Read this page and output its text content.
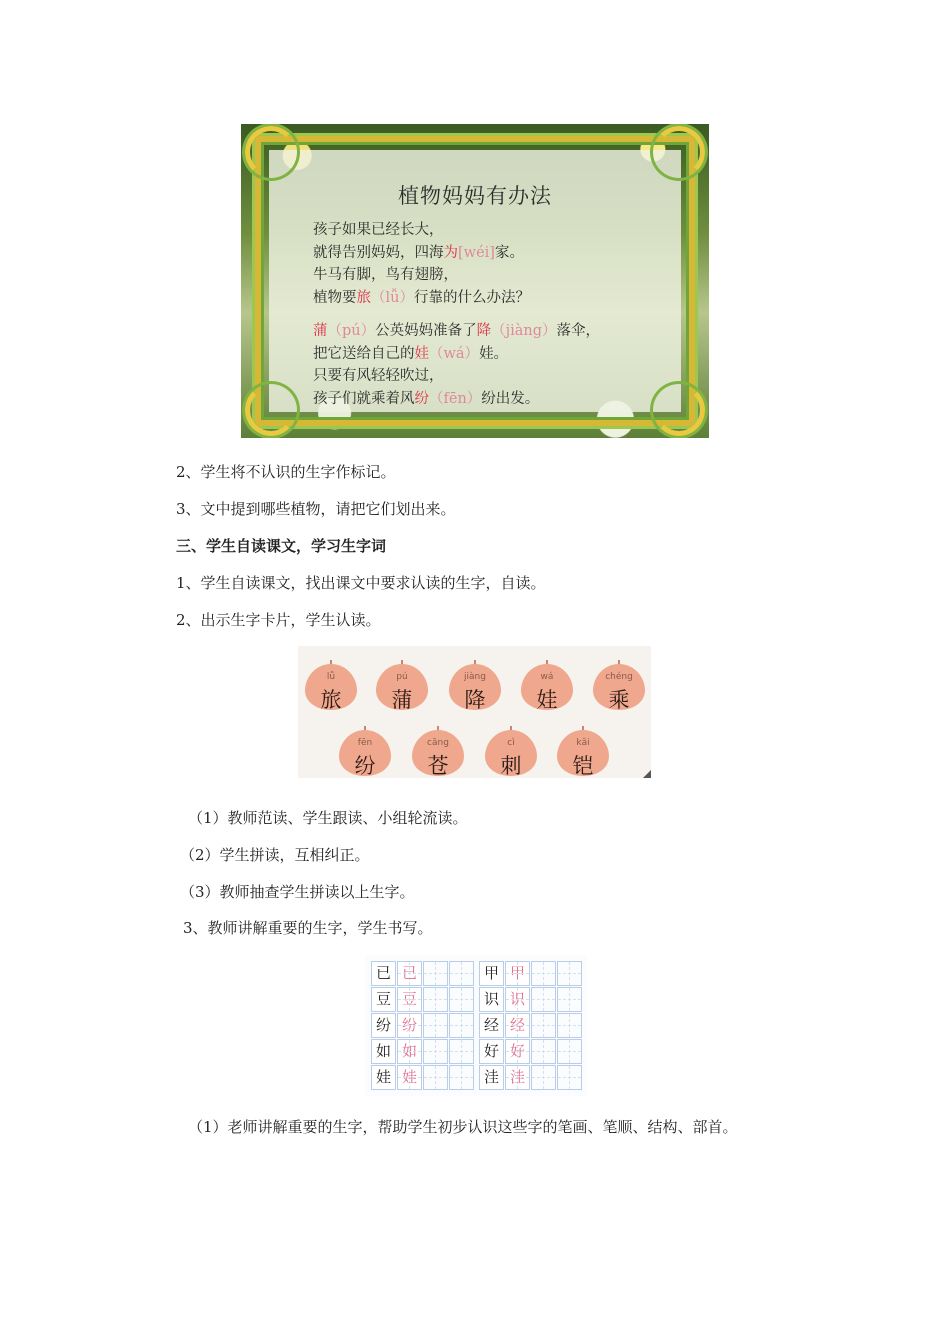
植物妈妈有办法
孩子如果已经长大，
就得告别妈妈，四海为[wéi]家。
牛马有脚，鸟有翅膀，
植物要旅（lǚ）行靠的什么办法？
蒲（pú）公英妈妈准备了降（jiàng）落伞，
把它送给自己的娃（wá）娃。
只要有风轻轻吹过，
孩子们就乘着风纷（fēn）纷出发。
2、学生将不认识的生字作标记。
3、文中提到哪些植物，请把它们划出来。
三、学生自读课文，学习生字词
1、学生自读课文，找出课文中要求认读的生字，自读。
2、出示生字卡片，学生认读。
lǚ
旅
pú
蒲
jiàng
降
wá
娃
chéng
乘
fēn
纷
cāng
苍
cì
刺
kǎi
铠
（1）教师范读、学生跟读、小组轮流读。
（2）学生拼读，互相纠正。
（3）教师抽查学生拼读以上生字。
3、教师讲解重要的生字，学生书写。
已 已
豆 豆
纷 纷
如 如
娃 娃
甲 甲
识 识
经 经
好 好
洼 洼
（1）老师讲解重要的生字，帮助学生初步认识这些字的笔画、笔顺、结构、部首。
